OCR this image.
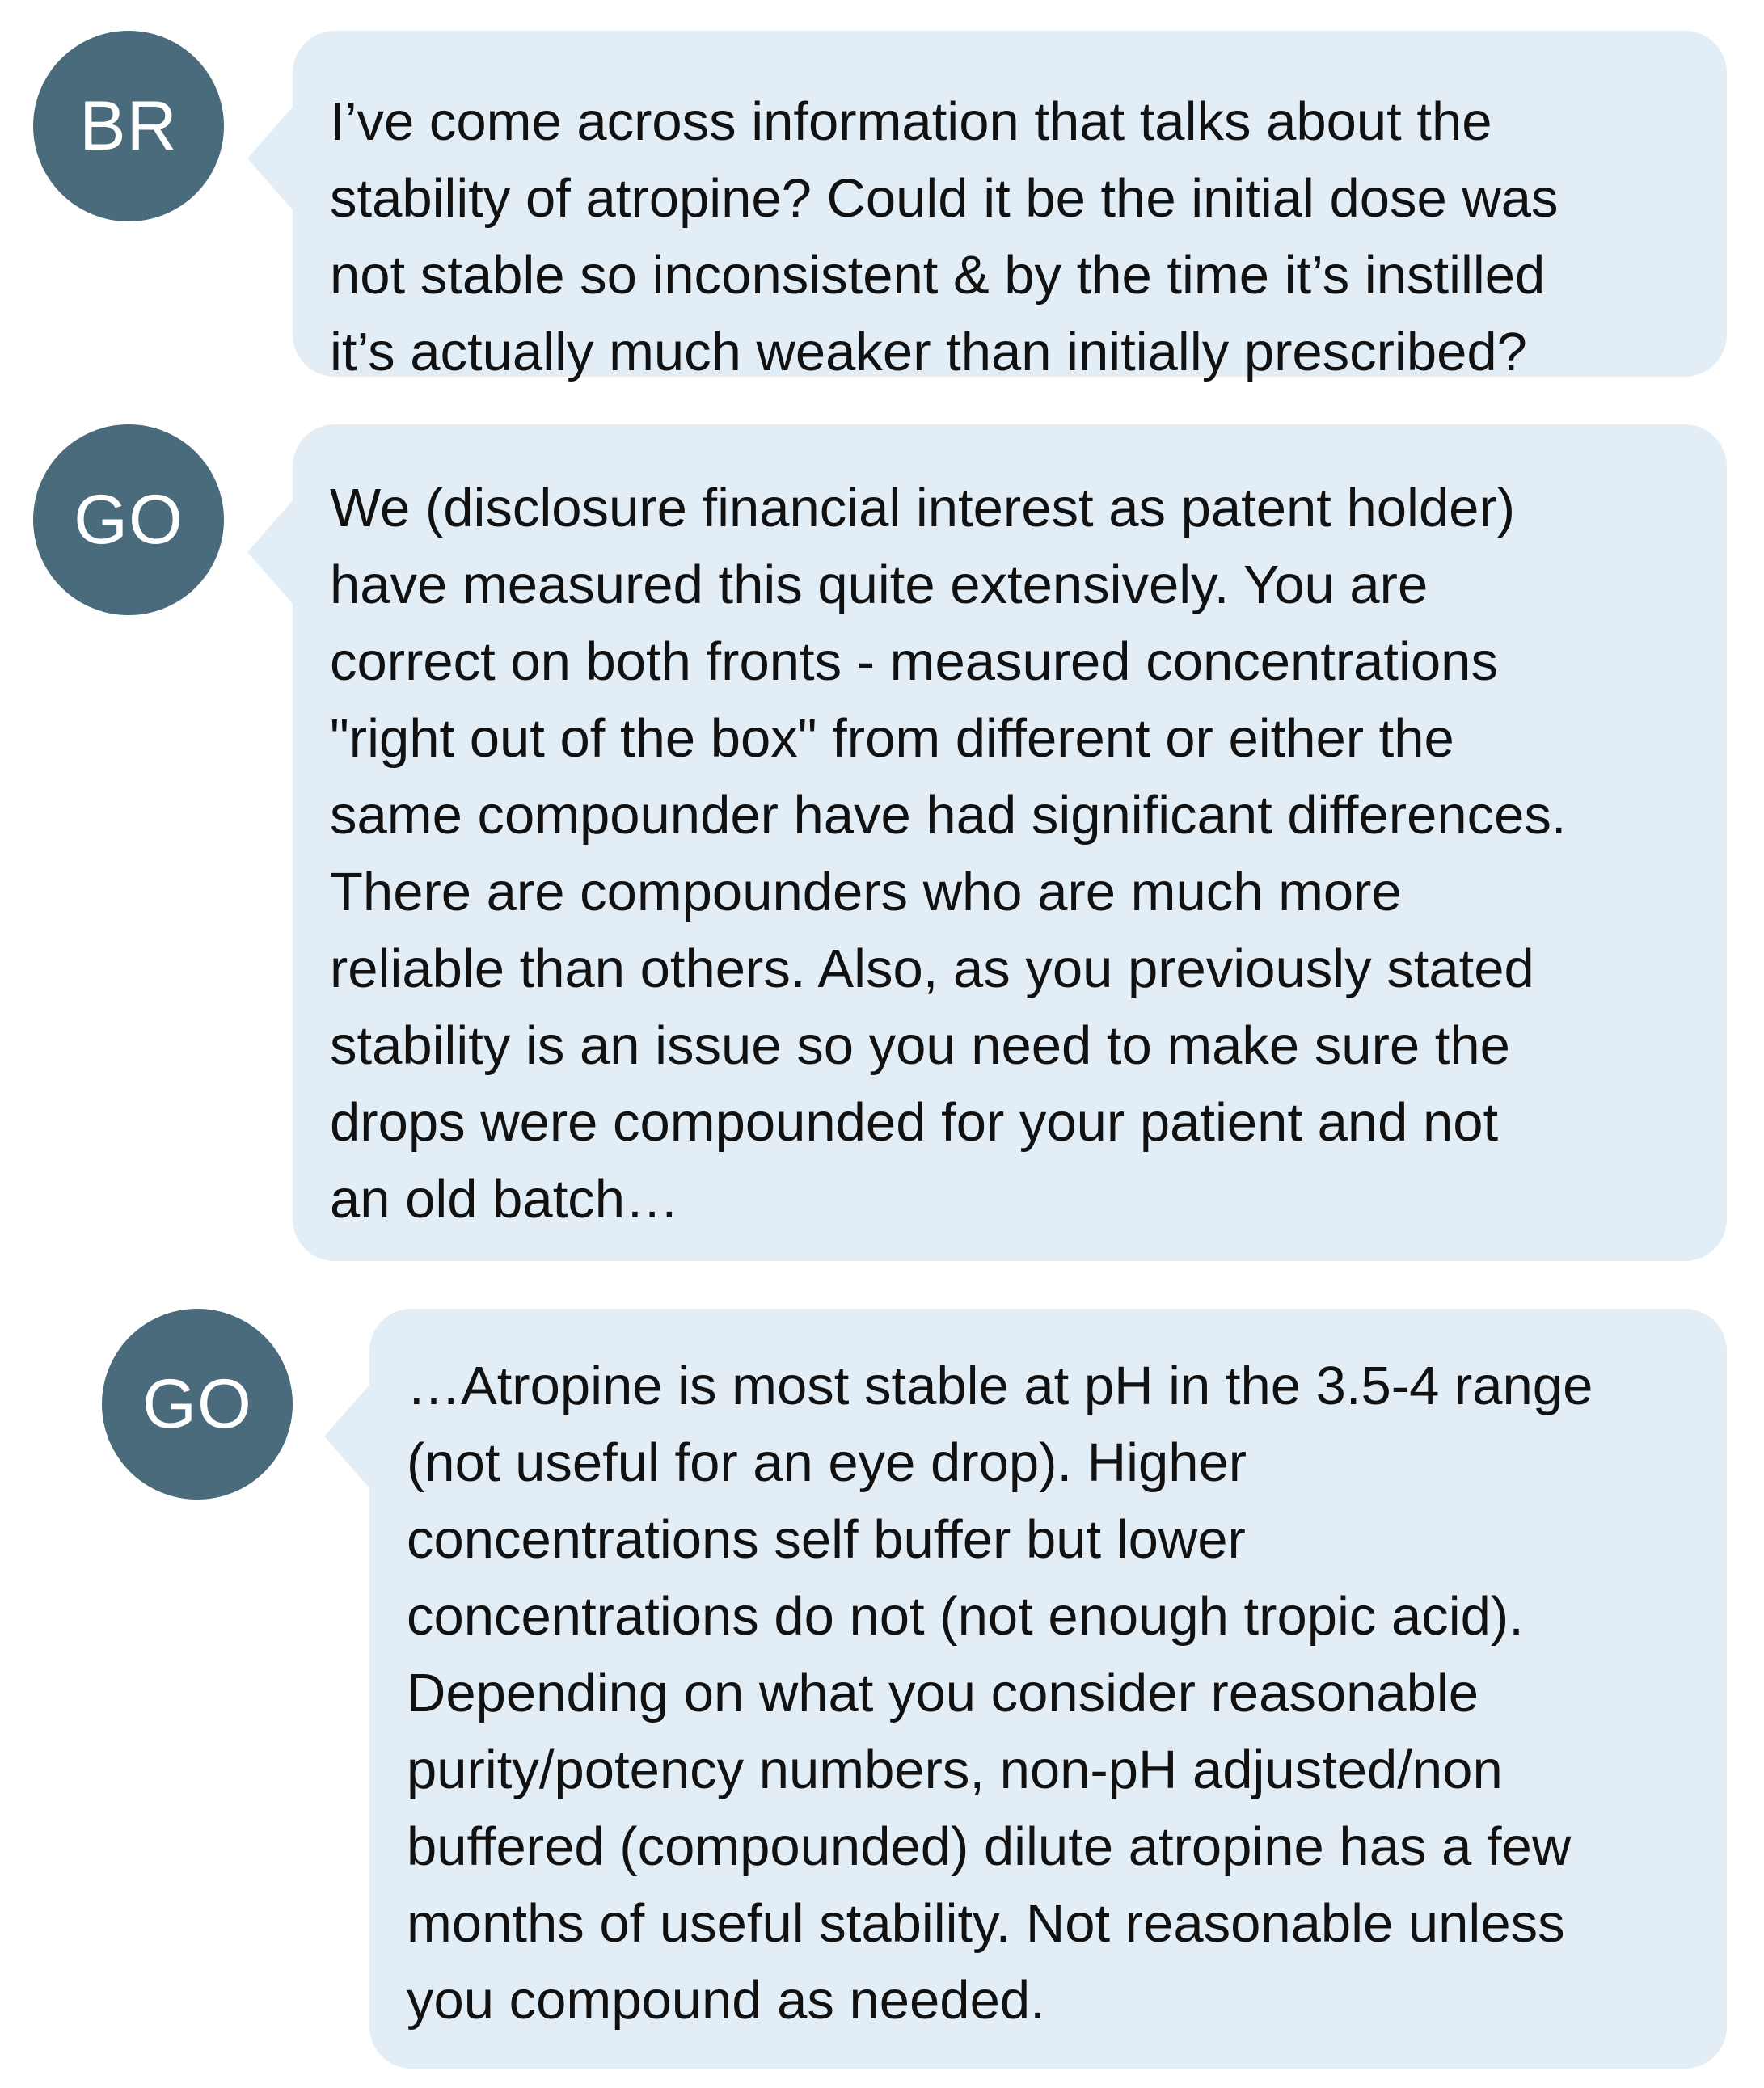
BR	I’ve come across information that talks about the
stability of atropine? Could it be the initial dose was
not stable so inconsistent & by the time it’s instilled
it’s actually much weaker than initially prescribed?
GO	We (disclosure financial interest as patent holder)
have measured this quite extensively. You are
correct on both fronts - measured concentrations
"right out of the box" from different or either the
same compounder have had significant differences.
There are compounders who are much more
reliable than others. Also, as you previously stated
stability is an issue so you need to make sure the
drops were compounded for your patient and not
an old batch…
GO	…Atropine is most stable at pH in the 3.5-4 range
(not useful for an eye drop). Higher
concentrations self buffer but lower
concentrations do not (not enough tropic acid).
Depending on what you consider reasonable
purity/potency numbers, non-pH adjusted/non
buffered (compounded) dilute atropine has a few
months of useful stability. Not reasonable unless
you compound as needed.
